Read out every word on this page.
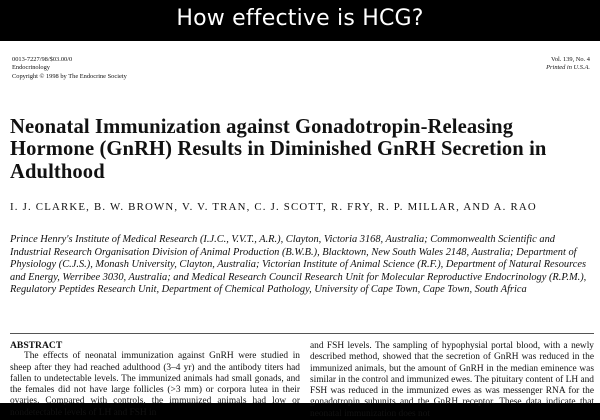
How effective is HCG?
0013-7227/98/$03.00/0
Endocrinology
Copyright © 1998 by The Endocrine Society
Vol. 139, No. 4
Printed in U.S.A.
Neonatal Immunization against Gonadotropin-Releasing Hormone (GnRH) Results in Diminished GnRH Secretion in Adulthood

I. J. CLARKE, B. W. BROWN, V. V. TRAN, C. J. SCOTT, R. FRY, R. P. MILLAR, AND A. RAO

Prince Henry's Institute of Medical Research (I.J.C., V.V.T., A.R.), Clayton, Victoria 3168, Australia; Commonwealth Scientific and Industrial Research Organisation Division of Animal Production (B.W.B.), Blacktown, New South Wales 2148, Australia; Department of Physiology (C.J.S.), Monash University, Clayton, Australia; Victorian Institute of Animal Science (R.F.), Department of Natural Resources and Energy, Werribee 3030, Australia; and Medical Research Council Research Unit for Molecular Reproductive Endocrinology (R.P.M.), Regulatory Peptides Research Unit, Department of Chemical Pathology, University of Cape Town, Cape Town, South Africa

ABSTRACT

The effects of neonatal immunization against GnRH were studied in sheep after they had reached adulthood (3–4 yr) and the antibody titers had fallen to undetectable levels. The immunized animals had small gonads, and the females did not have large follicles (>3 mm) or corpora lutea in their ovaries. Compared with controls, the immunized animals had low or nondetectable levels of LH and FSH in

and FSH levels. The sampling of hypophysial portal blood, with a newly described method, showed that the secretion of GnRH was reduced in the immunized animals, but the amount of GnRH in the median eminence was similar in the control and immunized ewes. The pituitary content of LH and FSH was reduced in the immunized ewes as was messenger RNA for the gonadotropin subunits and the GnRH receptor. These data indicate that neonatal immunization does not
